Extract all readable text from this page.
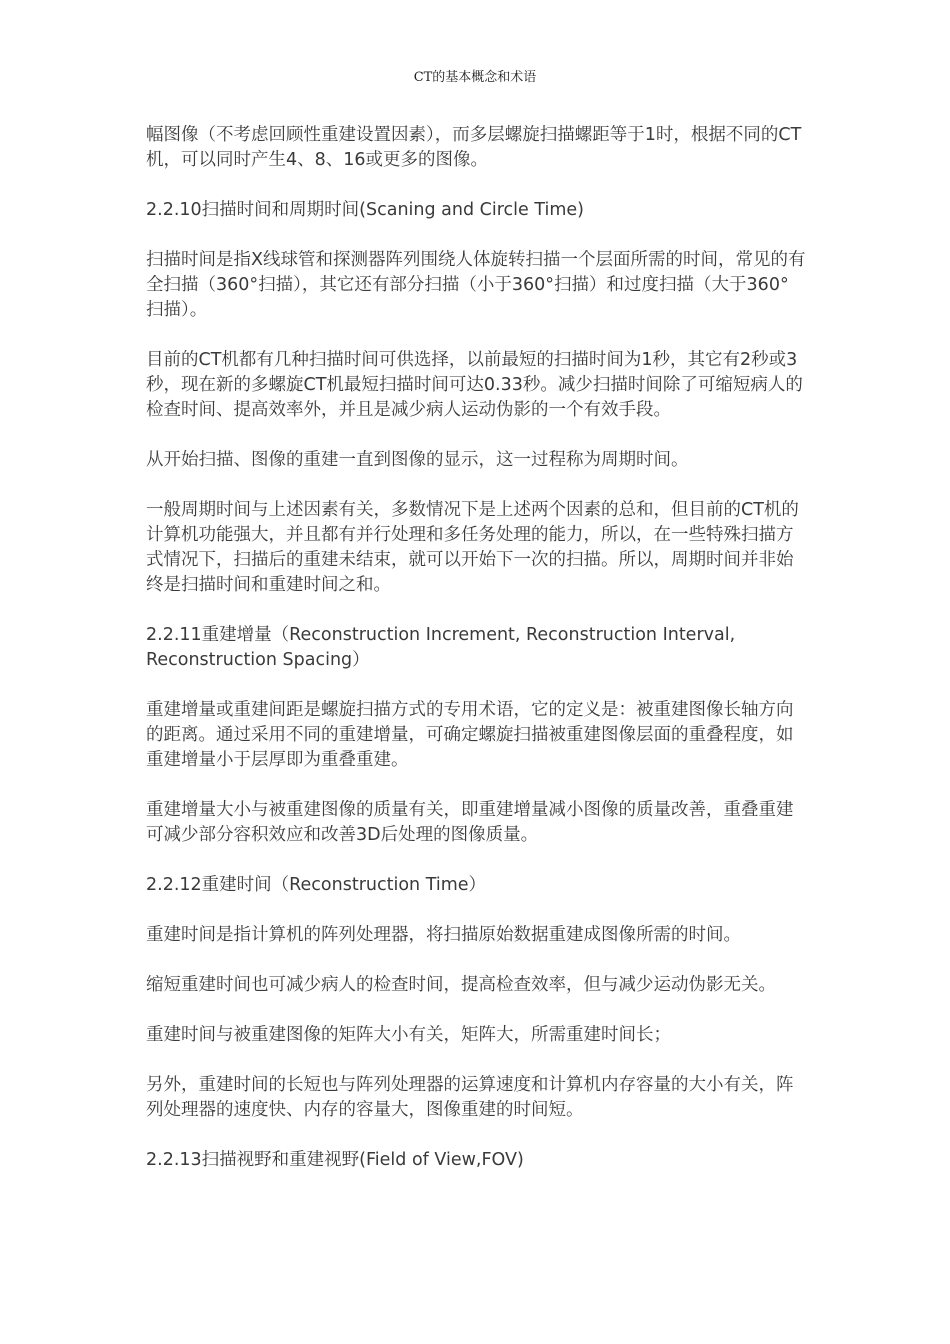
CT的基本概念和术语
幅图像（不考虑回顾性重建设置因素），而多层螺旋扫描螺距等于1时，根据不同的CT机，可以同时产生4、8、16或更多的图像。
2.2.10扫描时间和周期时间(Scaning and Circle Time)
扫描时间是指X线球管和探测器阵列围绕人体旋转扫描一个层面所需的时间，常见的有全扫描（360°扫描），其它还有部分扫描（小于360°扫描）和过度扫描（大于360°扫描）。
目前的CT机都有几种扫描时间可供选择，以前最短的扫描时间为1秒，其它有2秒或3秒，现在新的多螺旋CT机最短扫描时间可达0.33秒。减少扫描时间除了可缩短病人的检查时间、提高效率外，并且是减少病人运动伪影的一个有效手段。
从开始扫描、图像的重建一直到图像的显示，这一过程称为周期时间。
一般周期时间与上述因素有关，多数情况下是上述两个因素的总和，但目前的CT机的计算机功能强大，并且都有并行处理和多任务处理的能力，所以，在一些特殊扫描方式情况下，扫描后的重建未结束，就可以开始下一次的扫描。所以，周期时间并非始终是扫描时间和重建时间之和。
2.2.11重建增量（Reconstruction Increment, Reconstruction Interval, Reconstruction Spacing）
重建增量或重建间距是螺旋扫描方式的专用术语，它的定义是：被重建图像长轴方向的距离。通过采用不同的重建增量，可确定螺旋扫描被重建图像层面的重叠程度，如重建增量小于层厚即为重叠重建。
重建增量大小与被重建图像的质量有关，即重建增量减小图像的质量改善，重叠重建可减少部分容积效应和改善3D后处理的图像质量。
2.2.12重建时间（Reconstruction Time）
重建时间是指计算机的阵列处理器，将扫描原始数据重建成图像所需的时间。
缩短重建时间也可减少病人的检查时间，提高检查效率，但与减少运动伪影无关。
重建时间与被重建图像的矩阵大小有关，矩阵大，所需重建时间长；
另外，重建时间的长短也与阵列处理器的运算速度和计算机内存容量的大小有关，阵列处理器的速度快、内存的容量大，图像重建的时间短。
2.2.13扫描视野和重建视野(Field of View,FOV)
